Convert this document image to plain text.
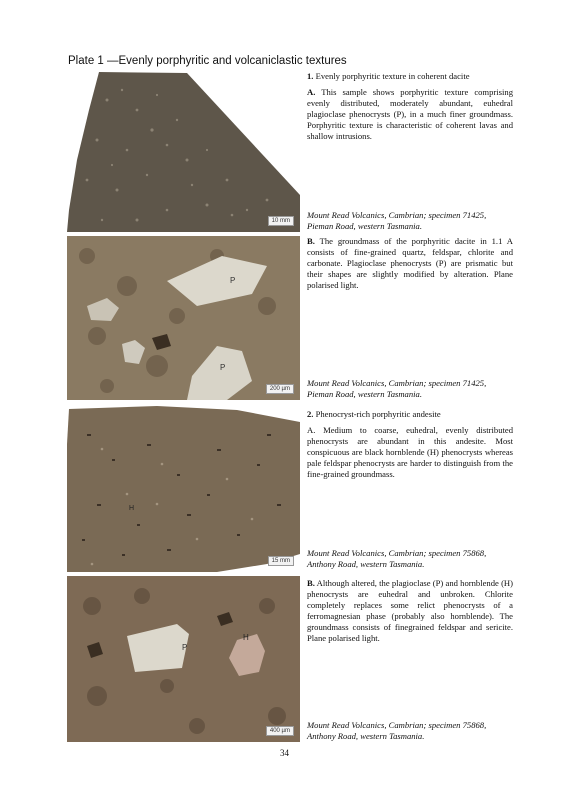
Plate 1 —Evenly porphyritic and volcaniclastic textures
10 mm
P
P
200 µm
H
15 mm
P
H
400 µm
1. Evenly porphyritic texture in coherent dacite

A. This sample shows porphyritic texture comprising evenly distributed, moderately abundant, euhedral plagioclase phenocrysts (P), in a much finer groundmass. Porphyritic texture is characteristic of coherent lavas and shallow intrusions.

Mount Read Volcanics, Cambrian; specimen 71425,
Pieman Road, western Tasmania.

B. The groundmass of the porphyritic dacite in 1.1 A consists of fine-grained quartz, feldspar, chlorite and carbonate. Plagioclase phenocrysts (P) are prismatic but their shapes are slightly modified by alteration. Plane polarised light.

Mount Read Volcanics, Cambrian; specimen 71425,
Pieman Road, western Tasmania.
2. Phenocryst-rich porphyritic andesite

A. Medium to coarse, euhedral, evenly distributed phenocrysts are abundant in this andesite. Most conspicuous are black hornblende (H) phenocrysts whereas pale feldspar phenocrysts are harder to distinguish from the fine-grained groundmass.

Mount Read Volcanics, Cambrian; specimen 75868,
Anthony Road, western Tasmania.

B. Although altered, the plagioclase (P) and hornblende (H) phenocrysts are euhedral and unbroken. Chlorite completely replaces some relict phenocrysts of a ferromagnesian phase (probably also hornblende). The groundmass consists of finegrained feldspar and sericite. Plane polarised light.

Mount Read Volcanics, Cambrian; specimen 75868,
Anthony Road, western Tasmania.
34
